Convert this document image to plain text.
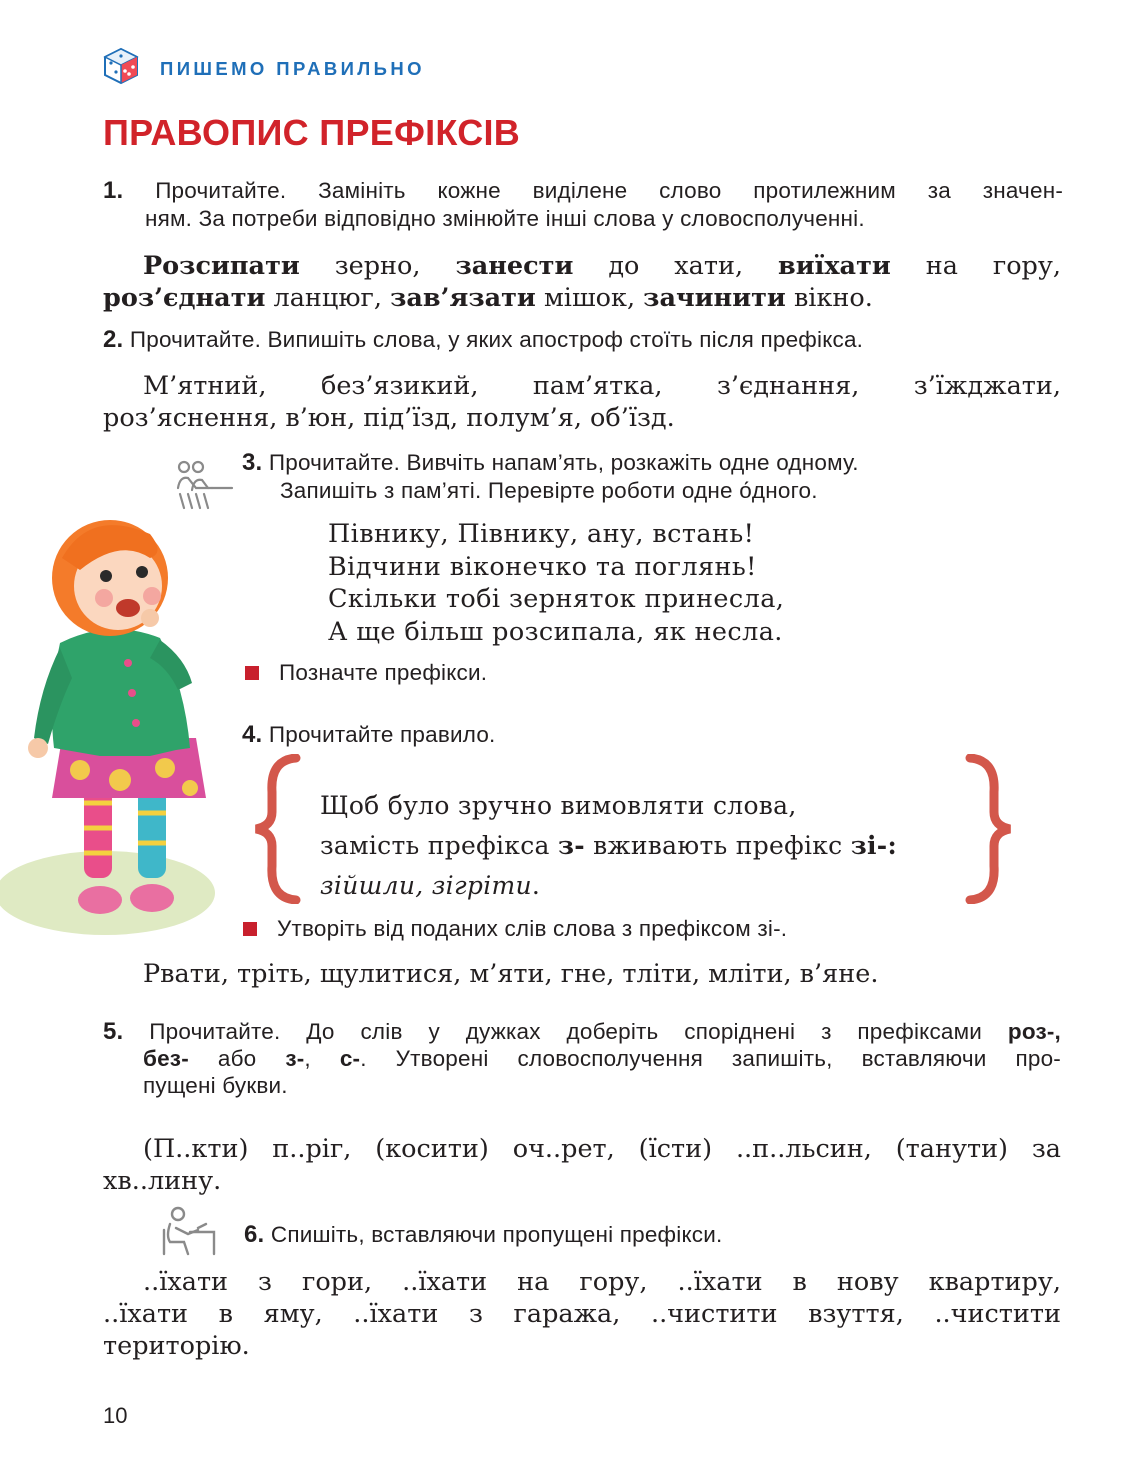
ПИШЕМО ПРАВИЛЬНО
ПРАВОПИС ПРЕФІКСІВ
1. Прочитайте. Замініть кожне виділене слово протилежним за значен-
ням. За потреби відповідно змінюйте інші слова у словосполученні.
Розсипати зерно, занести до хати, виїхати на гору,
роз’єднати ланцюг, зав’язати мішок, зачинити вікно.
2. Прочитайте. Випишіть слова, у яких апостроф стоїть після префікса.
М’ятний, без’язикий, пам’ятка, з’єднання, з’їжджати,
роз’яснення, в’юн, під’їзд, полум’я, об’їзд.
3. Прочитайте. Вивчіть напам’ять, розкажіть одне одному.
Запишіть з пам’яті. Перевірте роботи одне о́дного.
Півнику, Півнику, ану, встань!
Відчини віконечко та поглянь!
Скільки тобі зерняток принесла,
А ще більш розсипала, як несла.
Позначте префікси.
4. Прочитайте правило.
Щоб було зручно вимовляти слова,
замість префікса з- вживають префікс зі-:
зійшли, зігріти.
Утворіть від поданих слів слова з префіксом зі-.
Рвати, тріть, щулитися, м’яти, гне, тліти, мліти, в’яне.
5. Прочитайте. До слів у дужках доберіть споріднені з префіксами роз-,
без- або з-, с-. Утворені словосполучення запишіть, вставляючи про-
пущені букви.
(П..кти) п..ріг, (косити) оч..рет, (їсти) ..п..льсин, (танути) за
хв..лину.
6. Спишіть, вставляючи пропущені префікси.
..їхати з гори, ..їхати на гору, ..їхати в нову квартиру,
..їхати в яму, ..їхати з гаража, ..чистити взуття, ..чистити
територію.
10
